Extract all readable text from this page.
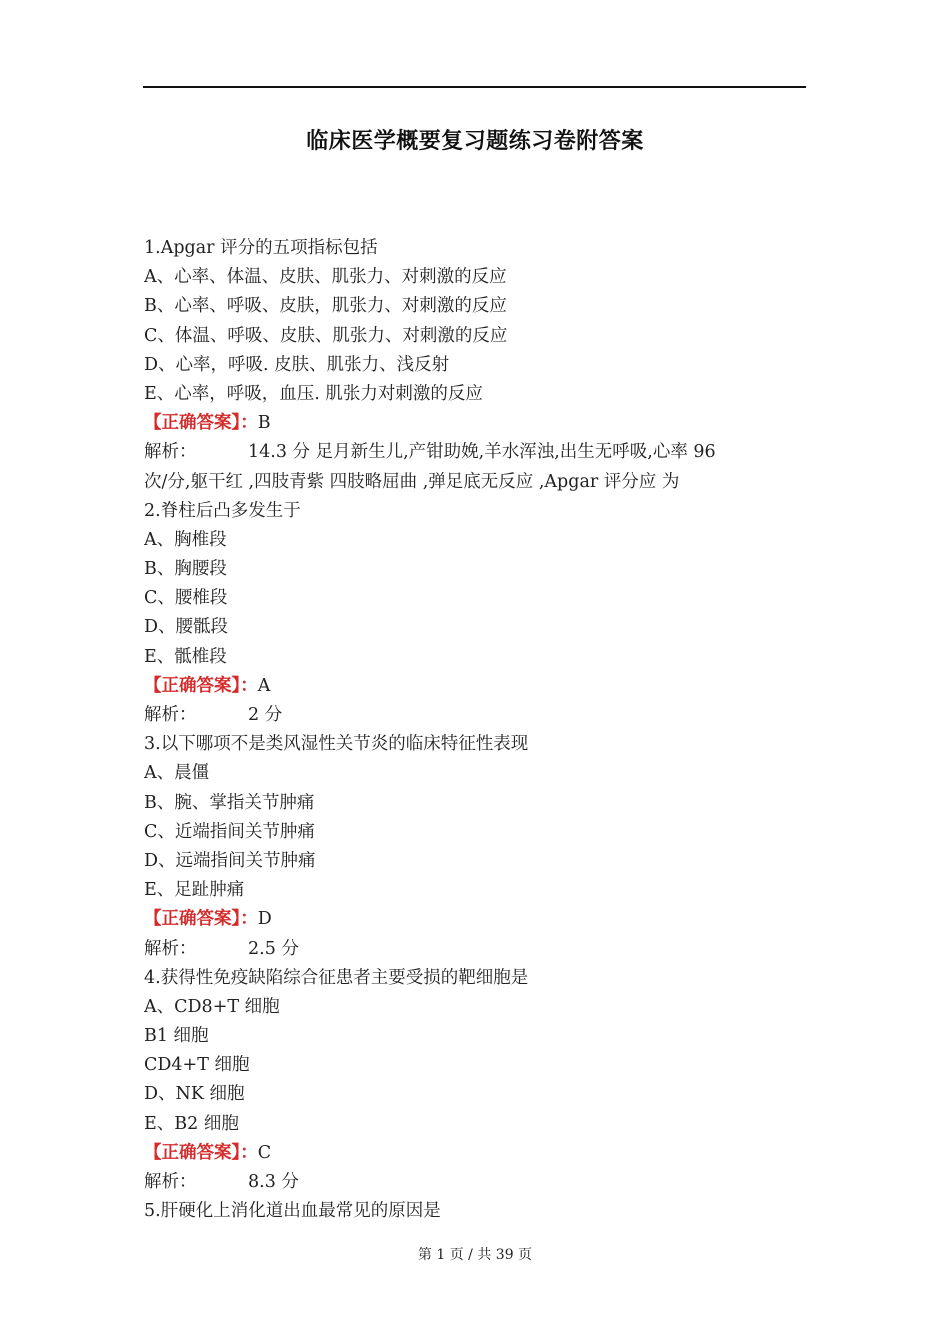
临床医学概要复习题练习卷附答案
1.Apgar 评分的五项指标包括
A、心率、体温、皮肤、肌张力、对刺激的反应
B、心率、呼吸、皮肤，肌张力、对刺激的反应
C、体温、呼吸、皮肤、肌张力、对刺激的反应
D、心率，呼吸. 皮肤、肌张力、浅反射
E、心率，呼吸，血压. 肌张力对刺激的反应
【正确答案】：B
解析：	14.3 分 足月新生儿,产钳助娩,羊水浑浊,出生无呼吸,心率 96
次/分,躯干红 ,四肢青紫 四肢略屈曲 ,弹足底无反应 ,Apgar 评分应 为
2.脊柱后凸多发生于
A、胸椎段
B、胸腰段
C、腰椎段
D、腰骶段
E、骶椎段
【正确答案】：A
解析：	2 分
3.以下哪项不是类风湿性关节炎的临床特征性表现
A、晨僵
B、腕、掌指关节肿痛
C、近端指间关节肿痛
D、远端指间关节肿痛
E、足趾肿痛
【正确答案】：D
解析：	2.5 分
4.获得性免疫缺陷综合征患者主要受损的靶细胞是
A、CD8+T 细胞
B1 细胞
CD4+T 细胞
D、NK 细胞
E、B2 细胞
【正确答案】：C
解析：	8.3 分
5.肝硬化上消化道出血最常见的原因是
第 1 页 / 共 39 页
